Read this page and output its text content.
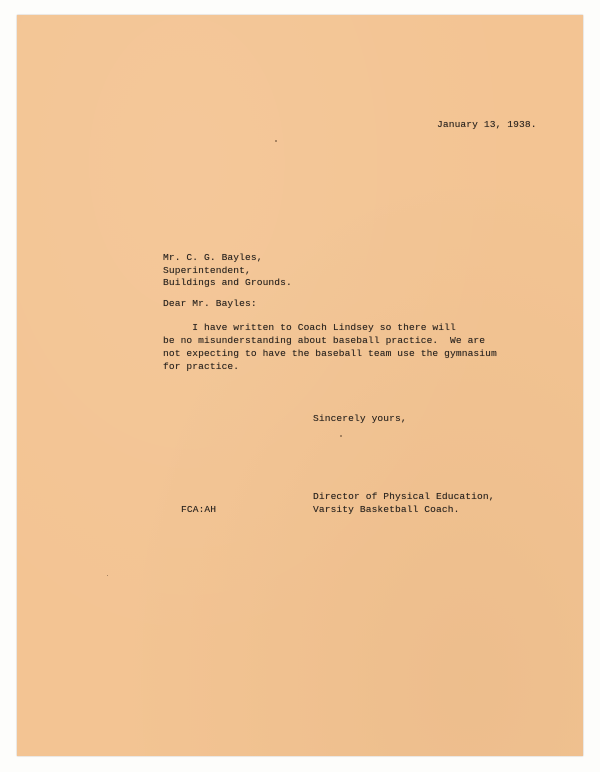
January 13, 1938.

Mr. C. G. Bayles,

Superintendent,

Buildings and Grounds.

Dear Mr. Bayles:

I have written to Coach Lindsey so there will

be no misunderstanding about baseball practice.  We are

not expecting to have the baseball team use the gymnasium

for practice.

Sincerely yours,

FCA:AH

Director of Physical Education,

Varsity Basketball Coach.
